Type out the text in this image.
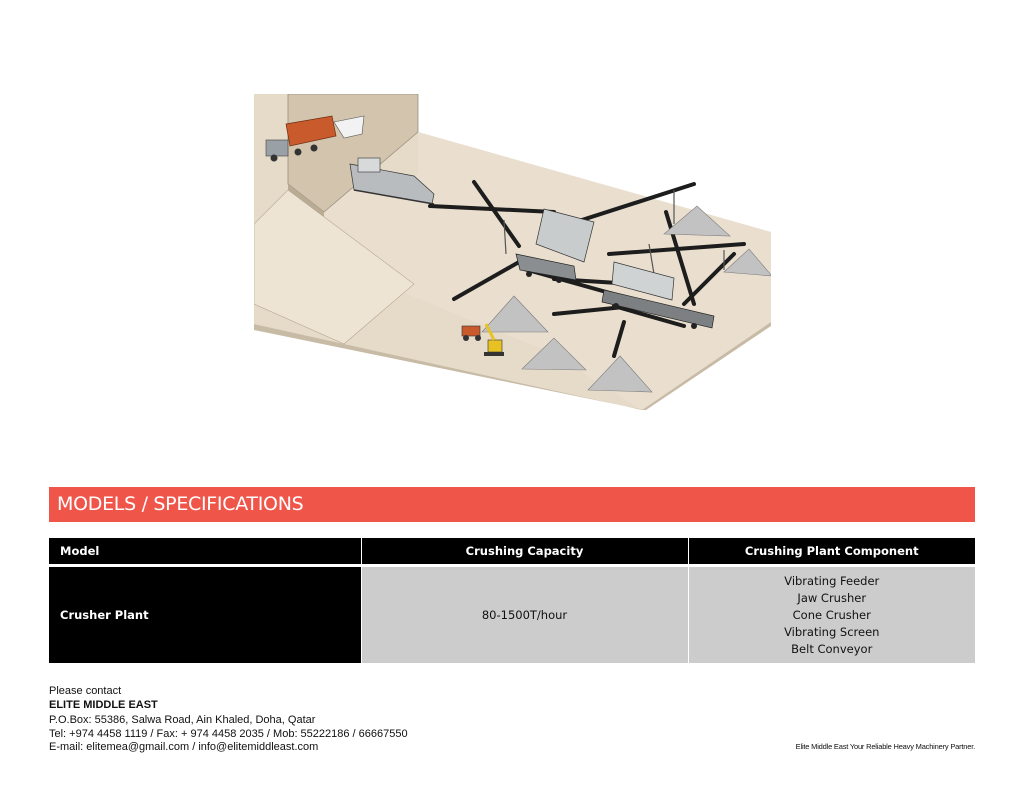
MODELS / SPECIFICATIONS
Model	Crushing Capacity	Crushing Plant Component

Crusher Plant	80-1500T/hour	Vibrating Feeder
Jaw Crusher
Cone Crusher
Vibrating Screen
Belt Conveyor
Please contact
ELITE MIDDLE EAST
P.O.Box: 55386, Salwa Road, Ain Khaled, Doha, Qatar
Tel: +974 4458 1119 / Fax: + 974 4458 2035 / Mob: 55222186 / 66667550
E-mail: elitemea@gmail.com / info@elitemiddleast.com	Elite Middle East Your Reliable Heavy Machinery Partner.
